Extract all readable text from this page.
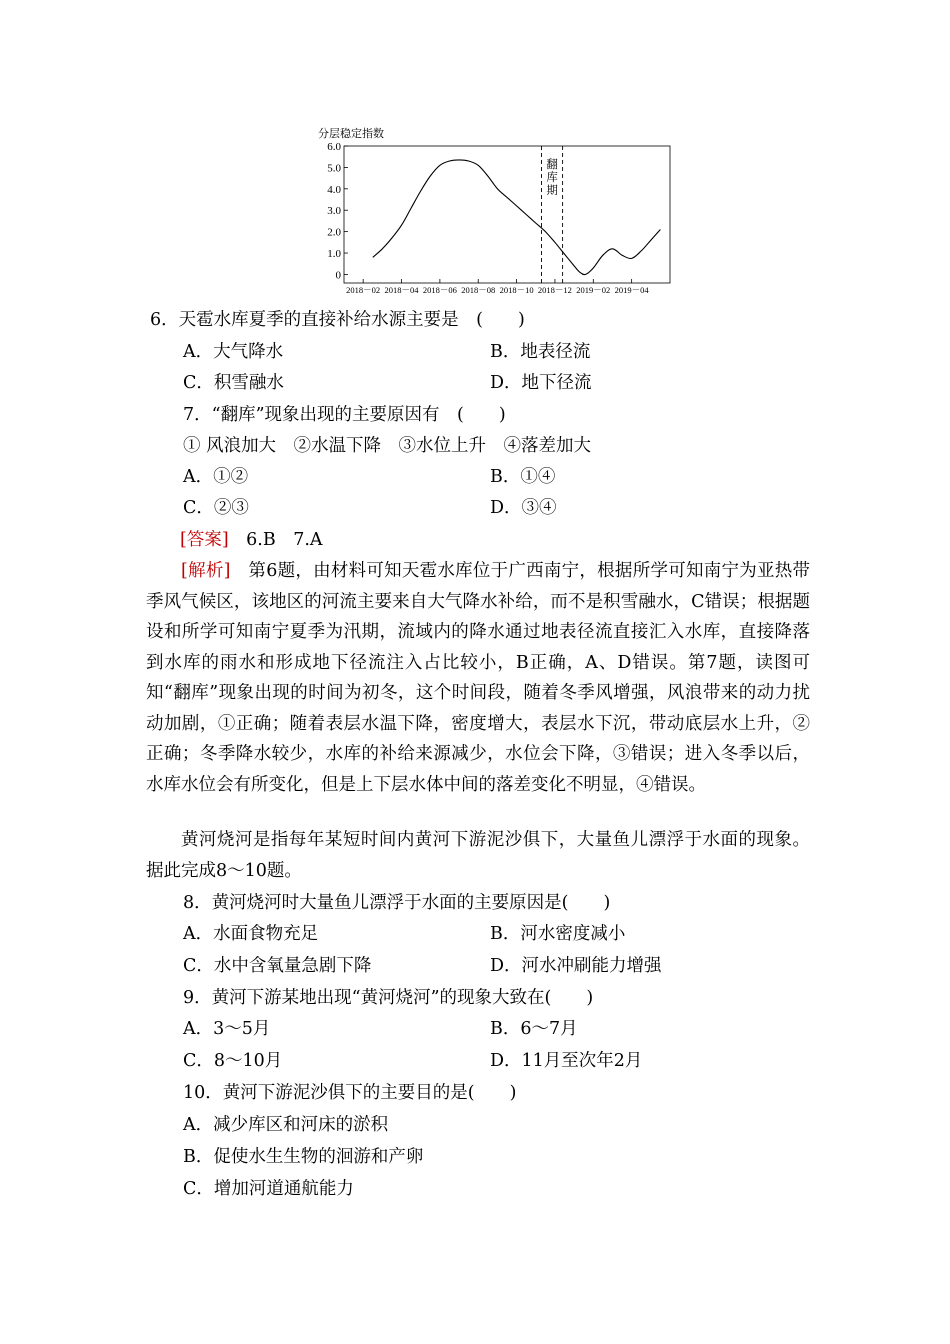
分层稳定指数
6.0
5.0
4.0
3.0
2.0
1.0
0
2018－02 2018－04 2018－06 2018－08 2018－10 2018－12 2019－02 2019－04
翻
库
期
6．天雹水库夏季的直接补给水源主要是　(　　)
A．大气降水	B．地表径流
C．积雪融水	D．地下径流
7．“翻库”现象出现的主要原因有　(　　)
① 风浪加大　②水温下降　③水位上升　④落差加大
A．①②	B．①④
C．②③	D．③④
[答案]　6.B　7.A
[解析]　第6题，由材料可知天雹水库位于广西南宁，根据所学可知南宁为亚热带季风气候区，该地区的河流主要来自大气降水补给，而不是积雪融水，C错误；根据题设和所学可知南宁夏季为汛期，流域内的降水通过地表径流直接汇入水库，直接降落到水库的雨水和形成地下径流注入占比较小，B正确，A、D错误。第7题，读图可知“翻库”现象出现的时间为初冬，这个时间段，随着冬季风增强，风浪带来的动力扰动加剧，①正确；随着表层水温下降，密度增大，表层水下沉，带动底层水上升，②正确；冬季降水较少，水库的补给来源减少，水位会下降，③错误；进入冬季以后，水库水位会有所变化，但是上下层水体中间的落差变化不明显，④错误。
黄河烧河是指每年某短时间内黄河下游泥沙俱下，大量鱼儿漂浮于水面的现象。据此完成8～10题。
8．黄河烧河时大量鱼儿漂浮于水面的主要原因是(　　)
A．水面食物充足	B．河水密度减小
C．水中含氧量急剧下降	D．河水冲刷能力增强
9．黄河下游某地出现“黄河烧河”的现象大致在(　　)
A．3～5月	B．6～7月
C．8～10月	D．11月至次年2月
10．黄河下游泥沙俱下的主要目的是(　　)
A．减少库区和河床的淤积
B．促使水生生物的洄游和产卵
C．增加河道通航能力
